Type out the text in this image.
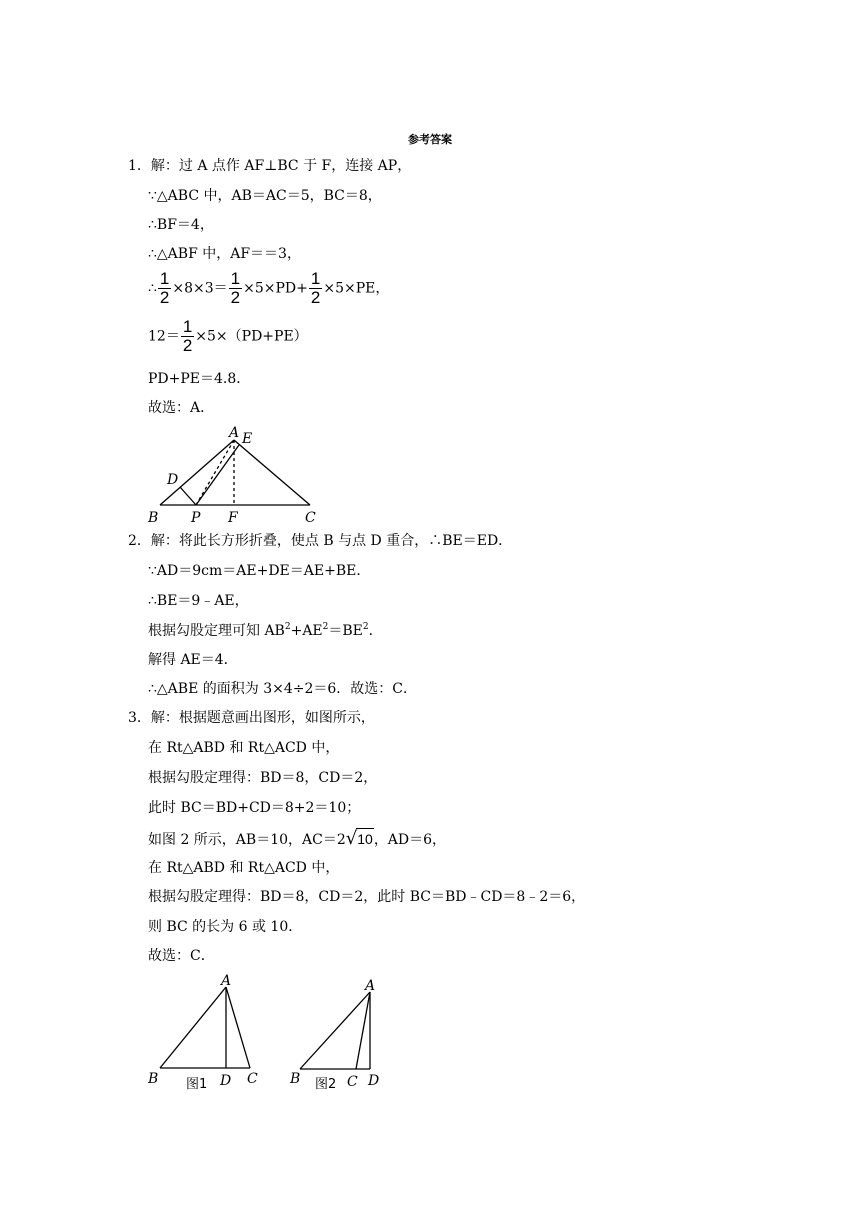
参考答案
1．解：过 A 点作 AF⊥BC 于 F，连接 AP，
∵△ABC 中，AB＝AC＝5，BC＝8，
∴BF＝4，
∴△ABF 中，AF＝＝3，
∴ $\frac{1}{2} \times 8\times 3= \frac{1}{2} \times 5\times PD+ \frac{1}{2} \times 5\times PE$，
$12= \frac{1}{2} \times 5\times(PD+PE)$
PD+PE＝4.8．
故选：A．
A E
D
B P F	C
2．解：将此长方形折叠，使点 B 与点 D 重合，∴BE＝ED．
∵AD＝9cm＝AE+DE＝AE+BE．
∴BE＝9﹣AE，
根据勾股定理可知 $AB^2+AE^2=BE^2$．
解得 AE＝4．
∴△ABE 的面积为 3×4÷2＝6．故选：C．
3．解：根据题意画出图形，如图所示，
在 Rt△ABD 和 Rt△ACD 中，
根据勾股定理得：BD＝8，CD＝2，
此时 BC＝BD+CD＝8+2＝10；
如图 2 所示，AB＝10，AC＝2√10，AD＝6，
在 Rt△ABD 和 Rt△ACD 中，
根据勾股定理得：BD＝8，CD＝2，此时 BC＝BD﹣CD＝8﹣2＝6，
则 BC 的长为 6 或 10．
故选：C．
A
B	D C
图1
A
B	C D
图2
